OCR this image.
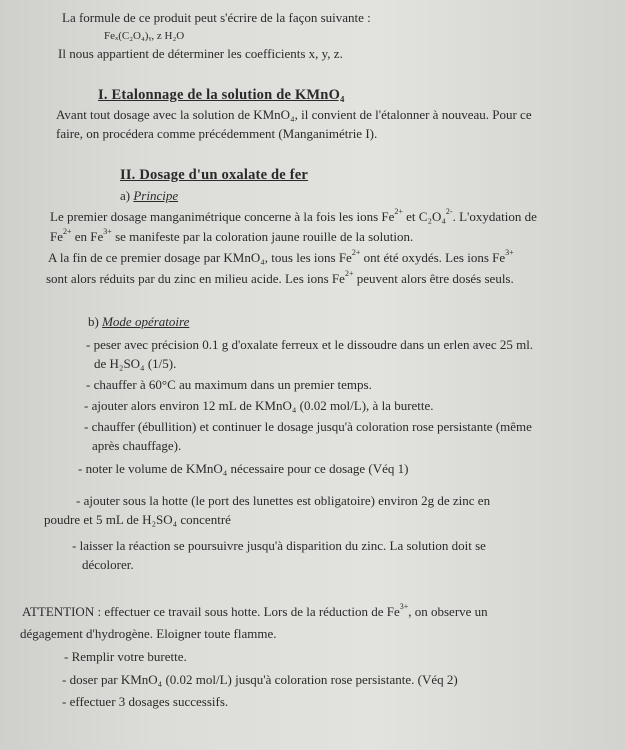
La formule de ce produit peut s'écrire de la façon suivante :
Feₓ(C₂O₄)ᵧ, z H₂O
Il nous appartient de déterminer les coefficients x, y, z.
I. Etalonnage de la solution de KMnO₄
Avant tout dosage avec la solution de KMnO₄, il convient de l'étalonner à nouveau. Pour ce
faire, on procédera comme précédemment (Manganimétrie I).
II. Dosage d'un oxalate de fer
a) Principe
Le premier dosage manganimétrique concerne à la fois les ions $Fe^{2+}$ et C₂O₄$^{2-}$. L'oxydation de
$Fe^{2+}$ en $Fe^{3+}$ se manifeste par la coloration jaune rouille de la solution.
A la fin de ce premier dosage par KMnO₄, tous les ions $Fe^{2+}$ ont été oxydés. Les ions $Fe^{3+}$
sont alors réduits par du zinc en milieu acide. Les ions $Fe^{2+}$ peuvent alors être dosés seuls.
b) Mode opératoire
- peser avec précision 0.1 g d'oxalate ferreux et le dissoudre dans un erlen avec 25 ml.
de H₂SO₄ (1/5).
- chauffer à 60°C au maximum dans un premier temps.
- ajouter alors environ 12 mL de KMnO₄ (0.02 mol/L), à la burette.
- chauffer (ébullition) et continuer le dosage jusqu'à coloration rose persistante (même
après chauffage).
- noter le volume de KMnO₄ nécessaire pour ce dosage (Véq 1)
- ajouter sous la hotte (le port des lunettes est obligatoire) environ 2g de zinc en
poudre et 5 mL de H₂SO₄ concentré
- laisser la réaction se poursuivre jusqu'à disparition du zinc. La solution doit se
décolorer.
ATTENTION : effectuer ce travail sous hotte. Lors de la réduction de $Fe^{3+}$, on observe un
dégagement d'hydrogène. Eloigner toute flamme.
- Remplir votre burette.
- doser par KMnO₄ (0.02 mol/L) jusqu'à coloration rose persistante. (Véq 2)
- effectuer 3 dosages successifs.
